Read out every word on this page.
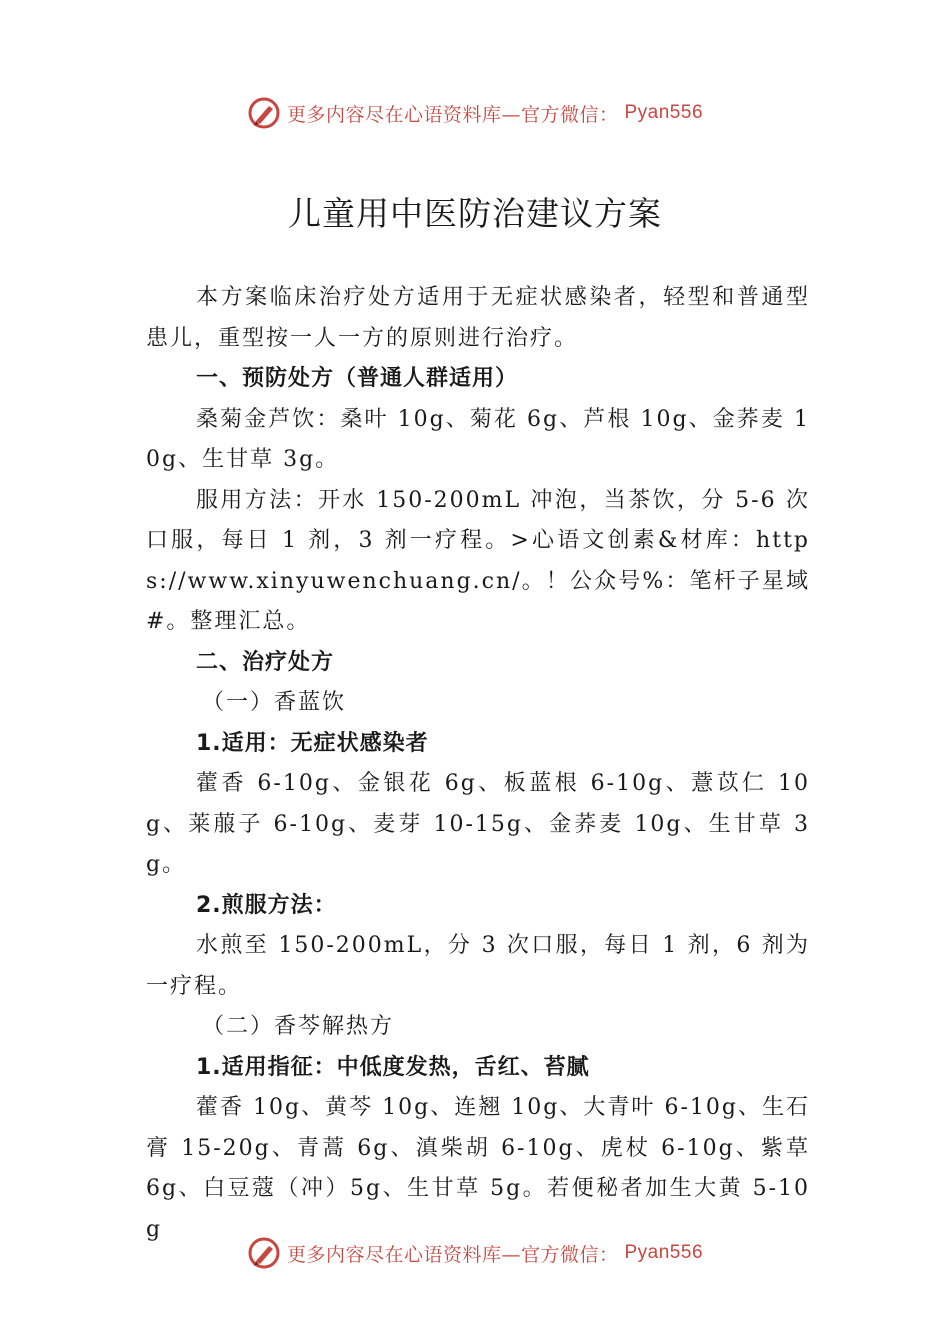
更多内容尽在心语资料库—官方微信： Pyan556
儿童用中医防治建议方案

本方案临床治疗处方适用于无症状感染者，轻型和普通型患儿，重型按一人一方的原则进行治疗。

一、预防处方（普通人群适用）

桑菊金芦饮：桑叶 10g、菊花 6g、芦根 10g、金荞麦 10g、生甘草 3g。

服用方法：开水 150-200mL 冲泡，当茶饮，分 5-6 次口服，每日 1 剂，3 剂一疗程。>心语文创素&材库：https://www.xinyuwenchuang.cn/。！公众号%：笔杆子星域#。整理汇总。

二、治疗处方

（一）香蓝饮

1.适用：无症状感染者

藿香 6-10g、金银花 6g、板蓝根 6-10g、薏苡仁 10g、莱菔子 6-10g、麦芽 10-15g、金荞麦 10g、生甘草 3g。

2.煎服方法：

水煎至 150-200mL，分 3 次口服，每日 1 剂，6 剂为一疗程。

（二）香芩解热方

1.适用指征：中低度发热，舌红、苔腻

藿香 10g、黄芩 10g、连翘 10g、大青叶 6-10g、生石膏 15-20g、青蒿 6g、滇柴胡 6-10g、虎杖 6-10g、紫草 6g、白豆蔻（冲）5g、生甘草 5g。若便秘者加生大黄 5-10g

更多内容尽在心语资料库—官方微信： Pyan556
